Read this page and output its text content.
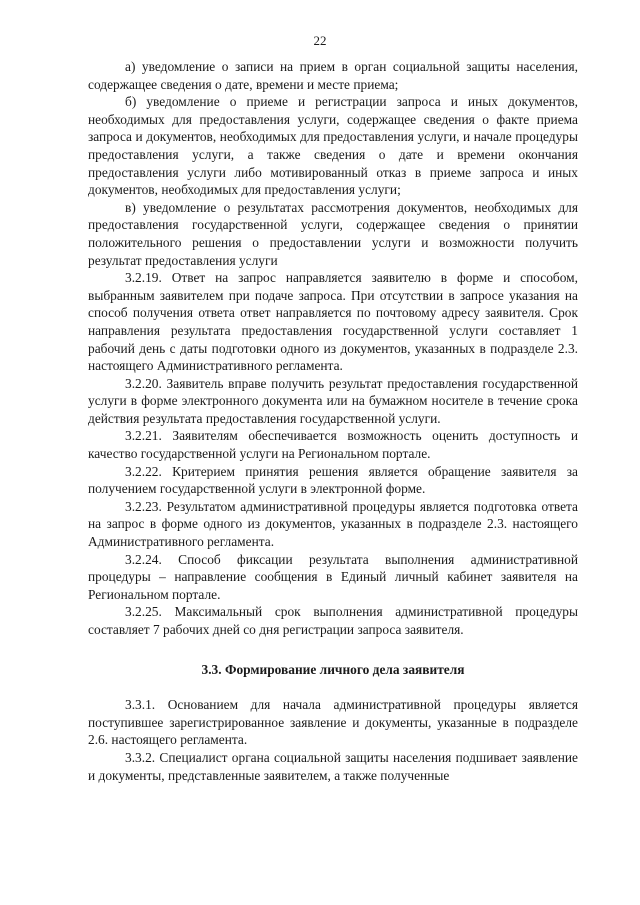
22

а) уведомление о записи на прием в орган социальной защиты населения, содержащее сведения о дате, времени и месте приема;

б) уведомление о приеме и регистрации запроса и иных документов, необходимых для предоставления услуги, содержащее сведения о факте приема запроса и документов, необходимых для предоставления услуги, и начале процедуры предоставления услуги, а также сведения о дате и времени окончания предоставления услуги либо мотивированный отказ в приеме запроса и иных документов, необходимых для предоставления услуги;

в) уведомление о результатах рассмотрения документов, необходимых для предоставления государственной услуги, содержащее сведения о принятии положительного решения о предоставлении услуги и возможности получить результат предоставления услуги

3.2.19. Ответ на запрос направляется заявителю в форме и способом, выбранным заявителем при подаче запроса. При отсутствии в запросе указания на способ получения ответа ответ направляется по почтовому адресу заявителя. Срок направления результата предоставления государственной услуги составляет 1 рабочий день с даты подготовки одного из документов, указанных в подразделе 2.3. настоящего Административного регламента.

3.2.20. Заявитель вправе получить результат предоставления государственной услуги в форме электронного документа или на бумажном носителе в течение срока действия результата предоставления государственной услуги.

3.2.21. Заявителям обеспечивается возможность оценить доступность и качество государственной услуги на Региональном портале.

3.2.22. Критерием принятия решения является обращение заявителя за получением государственной услуги в электронной форме.

3.2.23. Результатом административной процедуры является подготовка ответа на запрос в форме одного из документов, указанных в подразделе 2.3. настоящего Административного регламента.

3.2.24. Способ фиксации результата выполнения административной процедуры – направление сообщения в Единый личный кабинет заявителя на Региональном портале.

3.2.25. Максимальный срок выполнения административной процедуры составляет 7 рабочих дней со дня регистрации запроса заявителя.

3.3. Формирование личного дела заявителя

3.3.1. Основанием для начала административной процедуры является поступившее зарегистрированное заявление и документы, указанные в подразделе 2.6. настоящего регламента.

3.3.2. Специалист органа социальной защиты населения подшивает заявление и документы, представленные заявителем, а также полученные
